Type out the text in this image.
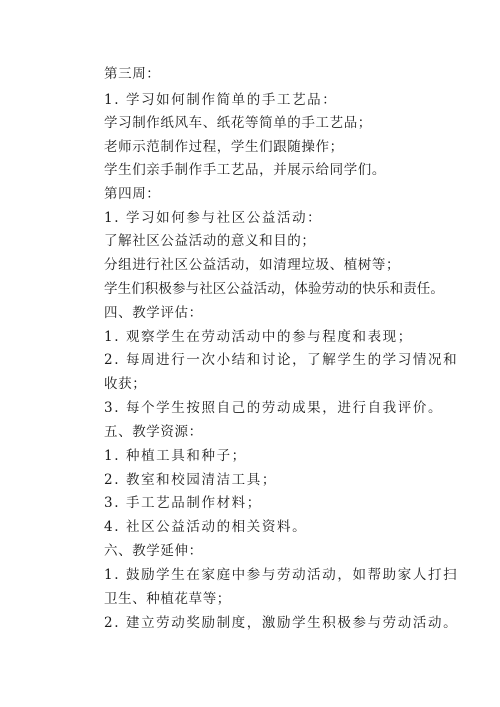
第三周：
1. 学习如何制作简单的手工艺品：
学习制作纸风车、纸花等简单的手工艺品；
老师示范制作过程，学生们跟随操作；
学生们亲手制作手工艺品，并展示给同学们。
第四周：
1. 学习如何参与社区公益活动：
了解社区公益活动的意义和目的；
分组进行社区公益活动，如清理垃圾、植树等；
学生们积极参与社区公益活动，体验劳动的快乐和责任。
四、教学评估：
1. 观察学生在劳动活动中的参与程度和表现；
2. 每周进行一次小结和讨论，了解学生的学习情况和
收获；
3. 每个学生按照自己的劳动成果，进行自我评价。
五、教学资源：
1. 种植工具和种子；
2. 教室和校园清洁工具；
3. 手工艺品制作材料；
4. 社区公益活动的相关资料。
六、教学延伸：
1. 鼓励学生在家庭中参与劳动活动，如帮助家人打扫
卫生、种植花草等；
2. 建立劳动奖励制度，激励学生积极参与劳动活动。
